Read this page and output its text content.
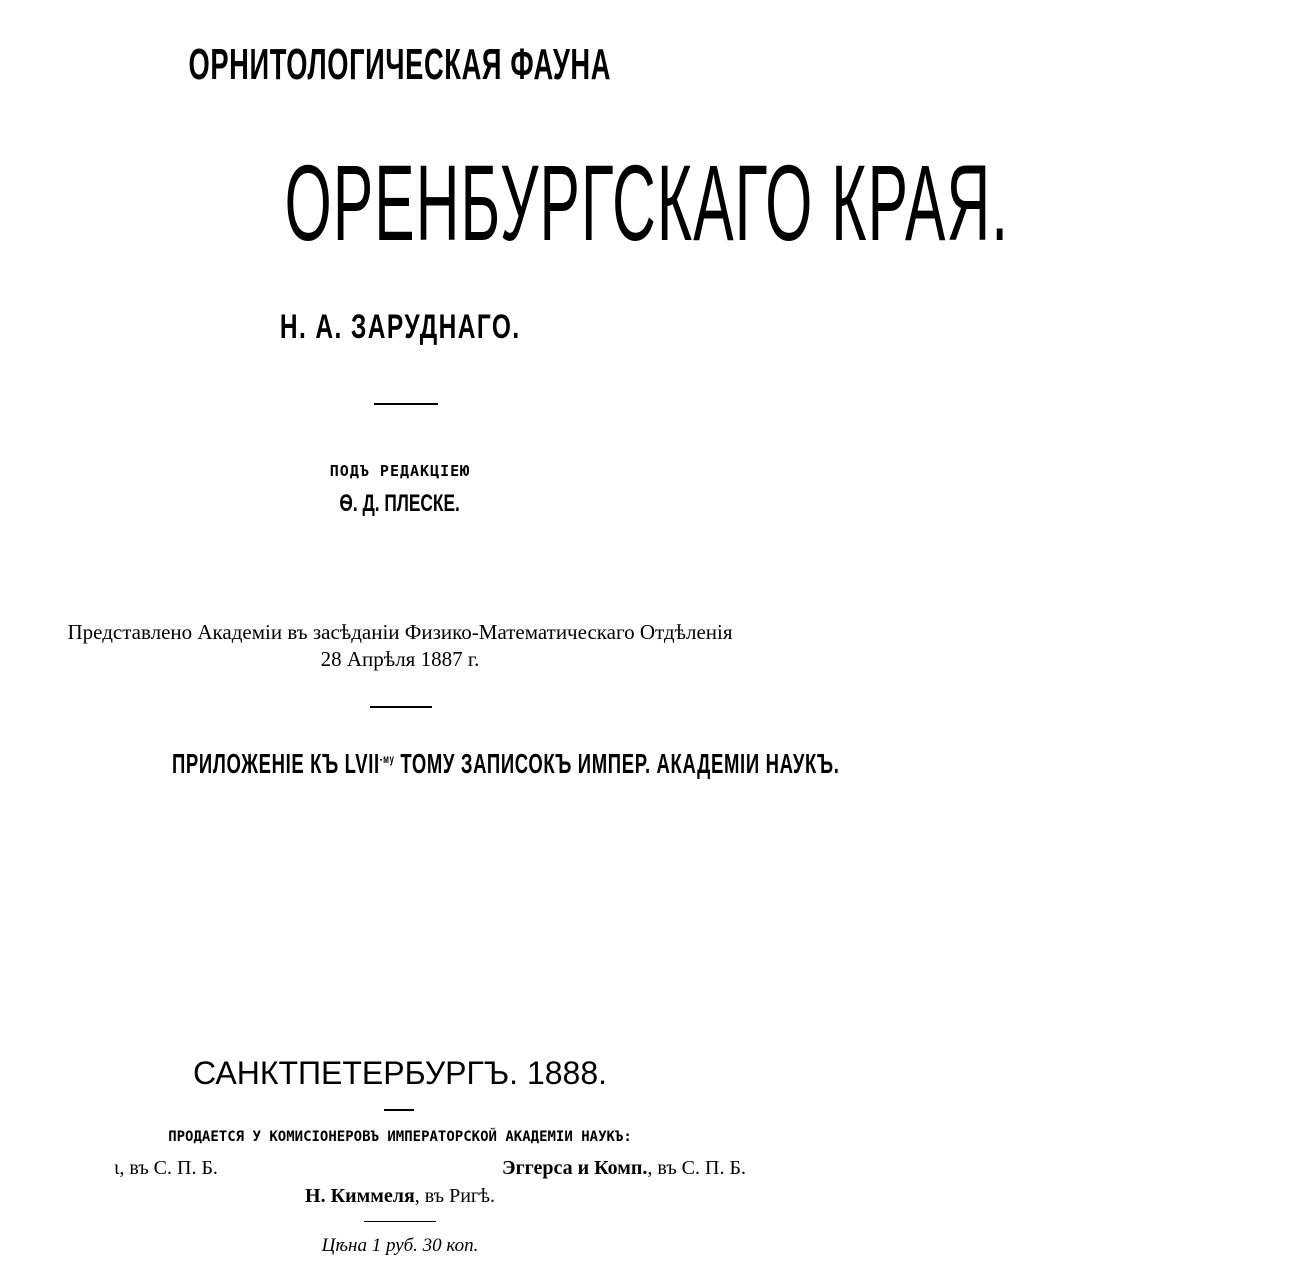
ОРНИТОЛОГИЧЕСКАЯ ФАУНА
ОРЕНБУРГСКАГО КРАЯ.
Н. А. ЗАРУДНАГО.
ПОДЪ РЕДАКЦІЕЮ
Ѳ. Д. ПЛЕСКЕ.
Представлено Академіи въ засѣданіи Физико-Математическаго Отдѣленія
28 Апрѣля 1887 г.
ПРИЛОЖЕНІЕ КЪ $LVII^{-му}$ ТОМУ ЗАПИСОКЪ ИМПЕР. АКАДЕМІИ НАУКЪ.
САНКТПЕТЕРБУРГЪ. 1888.
ПРОДАЕТСЯ У КОМИСІОНЕРОВЪ ИМПЕРАТОРСКОЙ АКАДЕМІИ НАУКЪ:
ι, въ С. П. Б.	Эггерса и Комп., въ С. П. Б.
Н. Киммеля, въ Ригѣ.
Цѣна 1 руб. 30 коп.
